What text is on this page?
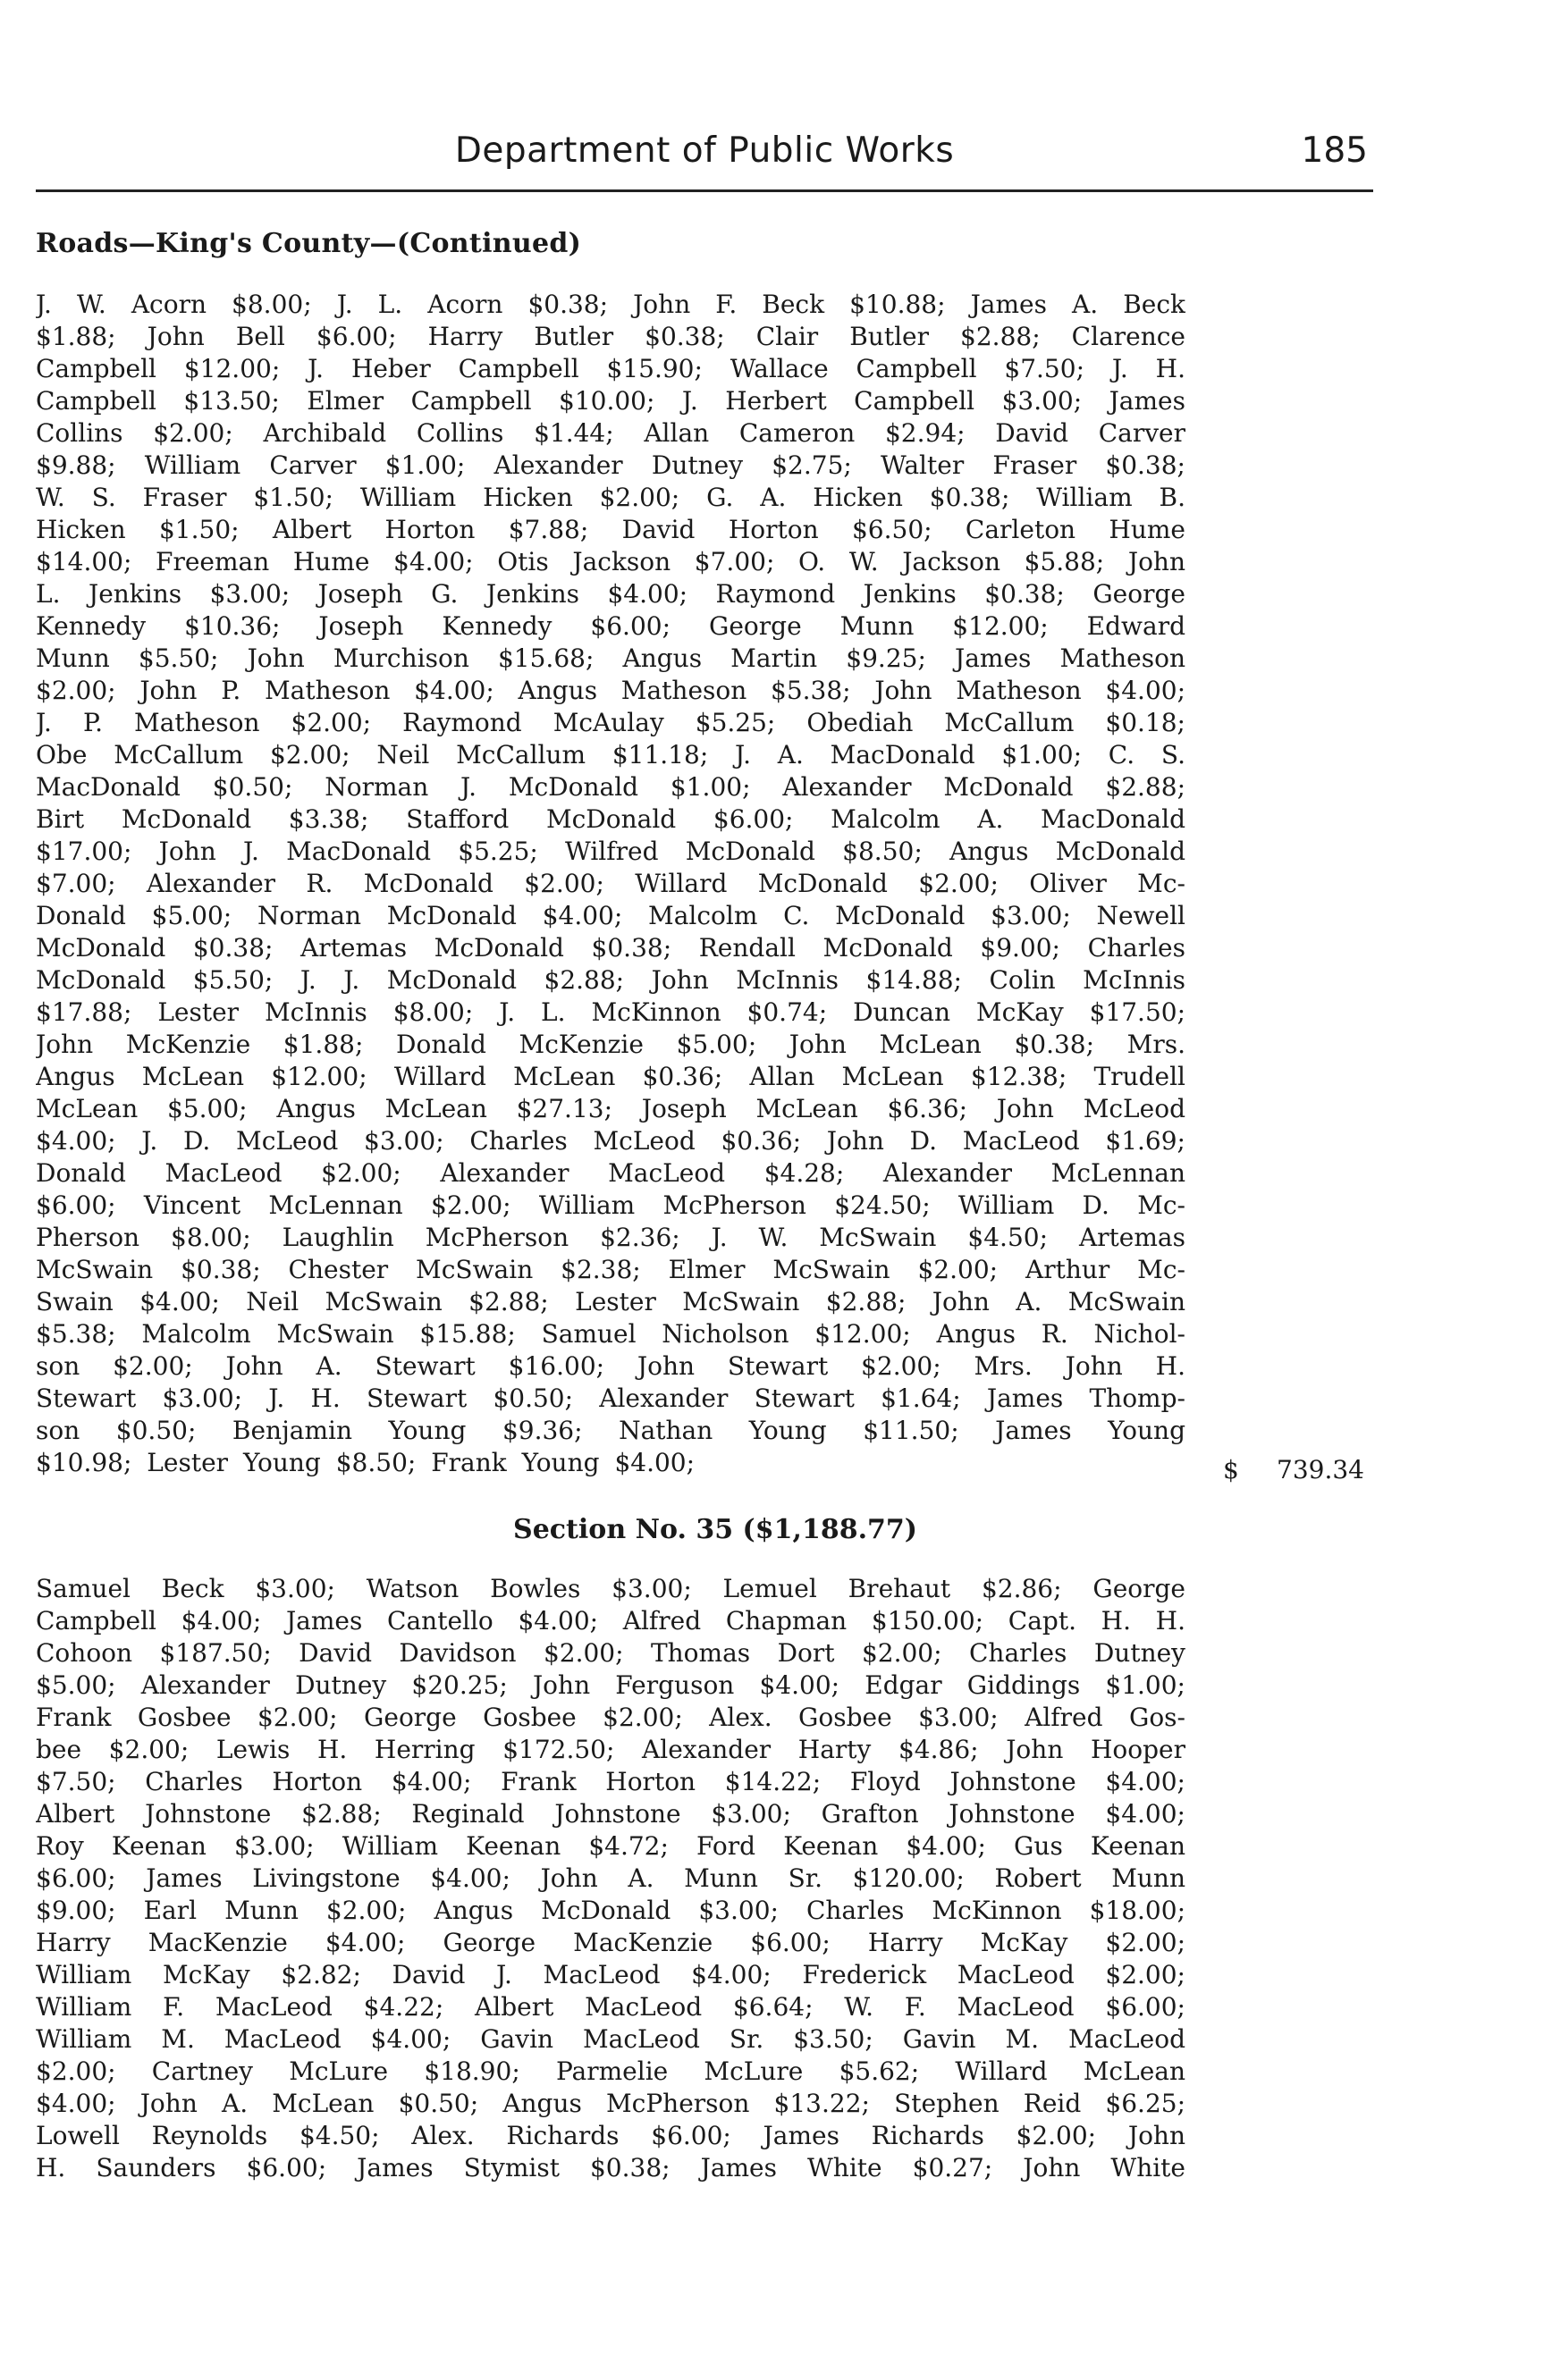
Department of Public Works	185
Roads—King's County—(Continued)
J. W. Acorn $8.00; J. L. Acorn $0.38; John F. Beck $10.88; James A. Beck
$1.88; John Bell $6.00; Harry Butler $0.38; Clair Butler $2.88; Clarence
Campbell $12.00; J. Heber Campbell $15.90; Wallace Campbell $7.50; J. H.
Campbell $13.50; Elmer Campbell $10.00; J. Herbert Campbell $3.00; James
Collins $2.00; Archibald Collins $1.44; Allan Cameron $2.94; David Carver
$9.88; William Carver $1.00; Alexander Dutney $2.75; Walter Fraser $0.38;
W. S. Fraser $1.50; William Hicken $2.00; G. A. Hicken $0.38; William B.
Hicken $1.50; Albert Horton $7.88; David Horton $6.50; Carleton Hume
$14.00; Freeman Hume $4.00; Otis Jackson $7.00; O. W. Jackson $5.88; John
L. Jenkins $3.00; Joseph G. Jenkins $4.00; Raymond Jenkins $0.38; George
Kennedy $10.36; Joseph Kennedy $6.00; George Munn $12.00; Edward
Munn $5.50; John Murchison $15.68; Angus Martin $9.25; James Matheson
$2.00; John P. Matheson $4.00; Angus Matheson $5.38; John Matheson $4.00;
J. P. Matheson $2.00; Raymond McAulay $5.25; Obediah McCallum $0.18;
Obe McCallum $2.00; Neil McCallum $11.18; J. A. MacDonald $1.00; C. S.
MacDonald $0.50; Norman J. McDonald $1.00; Alexander McDonald $2.88;
Birt McDonald $3.38; Stafford McDonald $6.00; Malcolm A. MacDonald
$17.00; John J. MacDonald $5.25; Wilfred McDonald $8.50; Angus McDonald
$7.00; Alexander R. McDonald $2.00; Willard McDonald $2.00; Oliver Mc-
Donald $5.00; Norman McDonald $4.00; Malcolm C. McDonald $3.00; Newell
McDonald $0.38; Artemas McDonald $0.38; Rendall McDonald $9.00; Charles
McDonald $5.50; J. J. McDonald $2.88; John McInnis $14.88; Colin McInnis
$17.88; Lester McInnis $8.00; J. L. McKinnon $0.74; Duncan McKay $17.50;
John McKenzie $1.88; Donald McKenzie $5.00; John McLean $0.38; Mrs.
Angus McLean $12.00; Willard McLean $0.36; Allan McLean $12.38; Trudell
McLean $5.00; Angus McLean $27.13; Joseph McLean $6.36; John McLeod
$4.00; J. D. McLeod $3.00; Charles McLeod $0.36; John D. MacLeod $1.69;
Donald MacLeod $2.00; Alexander MacLeod $4.28; Alexander McLennan
$6.00; Vincent McLennan $2.00; William McPherson $24.50; William D. Mc-
Pherson $8.00; Laughlin McPherson $2.36; J. W. McSwain $4.50; Artemas
McSwain $0.38; Chester McSwain $2.38; Elmer McSwain $2.00; Arthur Mc-
Swain $4.00; Neil McSwain $2.88; Lester McSwain $2.88; John A. McSwain
$5.38; Malcolm McSwain $15.88; Samuel Nicholson $12.00; Angus R. Nichol-
son $2.00; John A. Stewart $16.00; John Stewart $2.00; Mrs. John H.
Stewart $3.00; J. H. Stewart $0.50; Alexander Stewart $1.64; James Thomp-
son $0.50; Benjamin Young $9.36; Nathan Young $11.50; James Young
$10.98; Lester Young $8.50; Frank Young $4.00;	$ 739.34
Section No. 35 ($1,188.77)
Samuel Beck $3.00; Watson Bowles $3.00; Lemuel Brehaut $2.86; George
Campbell $4.00; James Cantello $4.00; Alfred Chapman $150.00; Capt. H. H.
Cohoon $187.50; David Davidson $2.00; Thomas Dort $2.00; Charles Dutney
$5.00; Alexander Dutney $20.25; John Ferguson $4.00; Edgar Giddings $1.00;
Frank Gosbee $2.00; George Gosbee $2.00; Alex. Gosbee $3.00; Alfred Gos-
bee $2.00; Lewis H. Herring $172.50; Alexander Harty $4.86; John Hooper
$7.50; Charles Horton $4.00; Frank Horton $14.22; Floyd Johnstone $4.00;
Albert Johnstone $2.88; Reginald Johnstone $3.00; Grafton Johnstone $4.00;
Roy Keenan $3.00; William Keenan $4.72; Ford Keenan $4.00; Gus Keenan
$6.00; James Livingstone $4.00; John A. Munn Sr. $120.00; Robert Munn
$9.00; Earl Munn $2.00; Angus McDonald $3.00; Charles McKinnon $18.00;
Harry MacKenzie $4.00; George MacKenzie $6.00; Harry McKay $2.00;
William McKay $2.82; David J. MacLeod $4.00; Frederick MacLeod $2.00;
William F. MacLeod $4.22; Albert MacLeod $6.64; W. F. MacLeod $6.00;
William M. MacLeod $4.00; Gavin MacLeod Sr. $3.50; Gavin M. MacLeod
$2.00; Cartney McLure $18.90; Parmelie McLure $5.62; Willard McLean
$4.00; John A. McLean $0.50; Angus McPherson $13.22; Stephen Reid $6.25;
Lowell Reynolds $4.50; Alex. Richards $6.00; James Richards $2.00; John
H. Saunders $6.00; James Stymist $0.38; James White $0.27; John White
